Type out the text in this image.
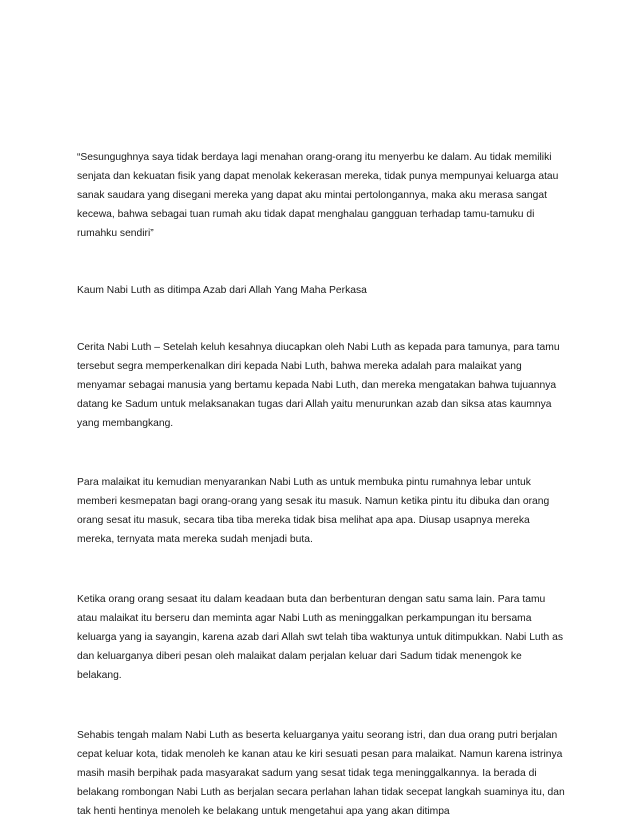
“Sesungughnya saya tidak berdaya lagi menahan orang-orang itu menyerbu ke dalam. Au tidak memiliki senjata dan kekuatan fisik yang dapat menolak kekerasan mereka, tidak punya mempunyai keluarga atau sanak saudara yang disegani mereka yang dapat aku mintai pertolongannya, maka aku merasa sangat kecewa, bahwa sebagai tuan rumah aku tidak dapat menghalau gangguan terhadap tamu-tamuku di rumahku sendiri”

Kaum Nabi Luth as ditimpa Azab dari Allah Yang Maha Perkasa

Cerita Nabi Luth – Setelah keluh kesahnya diucapkan oleh Nabi Luth as kepada para tamunya, para tamu tersebut segra memperkenalkan diri kepada Nabi Luth, bahwa mereka adalah para malaikat yang menyamar sebagai manusia yang bertamu kepada Nabi Luth, dan mereka mengatakan bahwa tujuannya datang ke Sadum untuk melaksanakan tugas dari Allah yaitu menurunkan azab dan siksa atas kaumnya yang membangkang.

Para malaikat itu kemudian menyarankan Nabi Luth as untuk membuka pintu rumahnya lebar untuk memberi kesmepatan bagi orang-orang yang sesak itu masuk. Namun ketika pintu itu dibuka dan orang orang sesat itu masuk, secara tiba tiba mereka tidak bisa melihat apa apa. Diusap usapnya mereka mereka, ternyata mata mereka sudah menjadi buta.

Ketika orang orang sesaat itu dalam keadaan buta dan berbenturan dengan satu sama lain. Para tamu atau malaikat itu berseru dan meminta agar Nabi Luth as meninggalkan perkampungan itu bersama keluarga yang ia sayangin, karena azab dari Allah swt telah tiba waktunya untuk ditimpukkan. Nabi Luth as dan keluarganya diberi pesan oleh malaikat dalam perjalan keluar dari Sadum tidak menengok ke belakang.

Sehabis tengah malam Nabi Luth as beserta keluarganya yaitu seorang istri, dan dua orang putri berjalan cepat keluar kota, tidak menoleh ke kanan atau ke kiri sesuati pesan para malaikat. Namun karena istrinya masih masih berpihak pada masyarakat sadum yang sesat tidak tega meninggalkannya. Ia berada di belakang rombongan Nabi Luth as berjalan secara perlahan lahan tidak secepat langkah suaminya itu, dan tak henti hentinya menoleh ke belakang untuk mengetahui apa yang akan ditimpa
